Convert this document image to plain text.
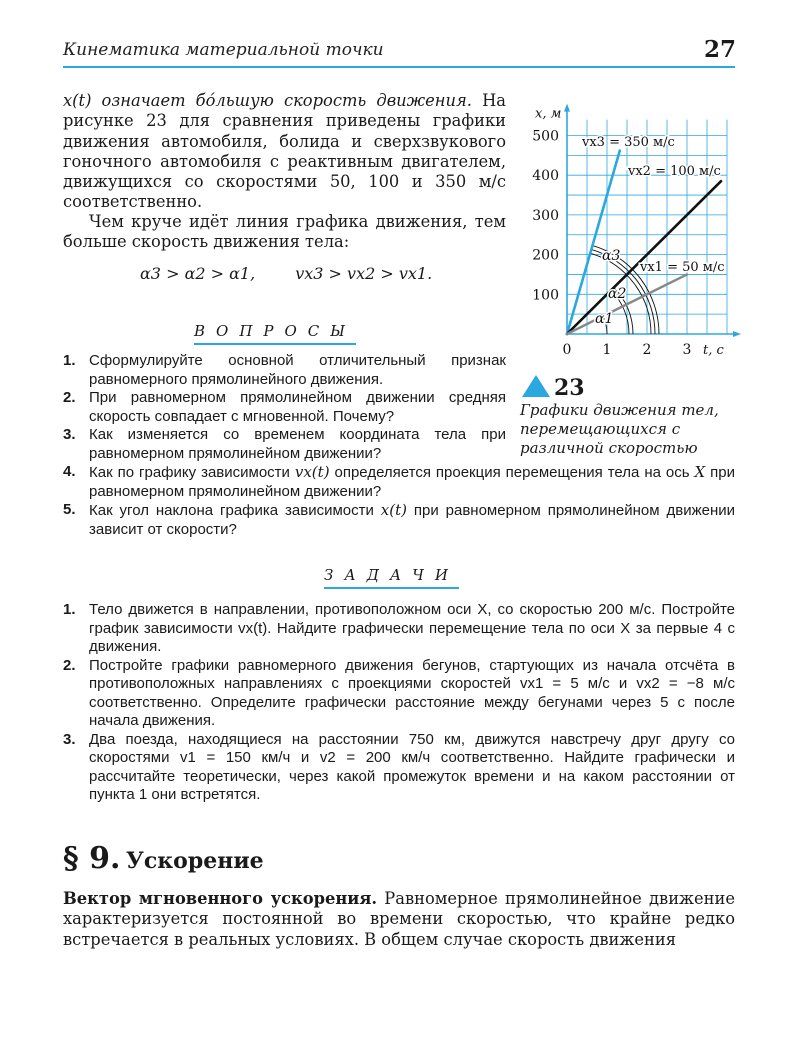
Кинематика материальной точки	27
x(t) означает бо́льшую скорость движения. На рисунке 23 для сравнения приведены графики движения автомобиля, болида и сверхзвукового гоночного автомобиля с реактивным двигателем, движущихся со скоростями 50, 100 и 350 м/с соответственно.
Чем круче идёт линия графика движения, тем больше скорость движения тела:
α3 > α2 > α1,	vx3 > vx2 > vx1.
ВОПРОСЫ
1. Сформулируйте основной отличительный признак равномерного прямолинейного движения.
2. При равномерном прямолинейном движении средняя скорость совпадает с мгновенной. Почему?
3. Как изменяется со временем координата тела при равномерном прямолинейном движении?
4. Как по графику зависимости vx(t) определяется проекция перемещения тела на ось X при равномерном прямолинейном движении?
5. Как угол наклона графика зависимости x(t) при равномерном прямолинейном движении зависит от скорости?
ЗАДАЧИ
1. Тело движется в направлении, противоположном оси X, со скоростью 200 м/с. Постройте график зависимости vx(t). Найдите графически перемещение тела по оси X за первые 4 с движения.
2. Постройте графики равномерного движения бегунов, стартующих из начала отсчёта в противоположных направлениях с проекциями скоростей vx1 = 5 м/с и vx2 = −8 м/с соответственно. Определите графически расстояние между бегунами через 5 с после начала движения.
3. Два поезда, находящиеся на расстоянии 750 км, движутся навстречу друг другу со скоростями v1 = 150 км/ч и v2 = 200 км/ч соответственно. Найдите графически и рассчитайте теоретически, через какой промежуток времени и на каком расстоянии от пункта 1 они встретятся.
§ 9. Ускорение
Вектор мгновенного ускорения. Равномерное прямолинейное движение характеризуется постоянной во времени скоростью, что крайне редко встречается в реальных условиях. В общем случае скорость движения
100
200
300
400
500
0 1 2 3
x, м
t, с
α1
α2
α3
vx3 = 350 м/с
vx2 = 100 м/с
vx1 = 50 м/с
23
Графики движения тел, перемещающихся с различной скоростью
